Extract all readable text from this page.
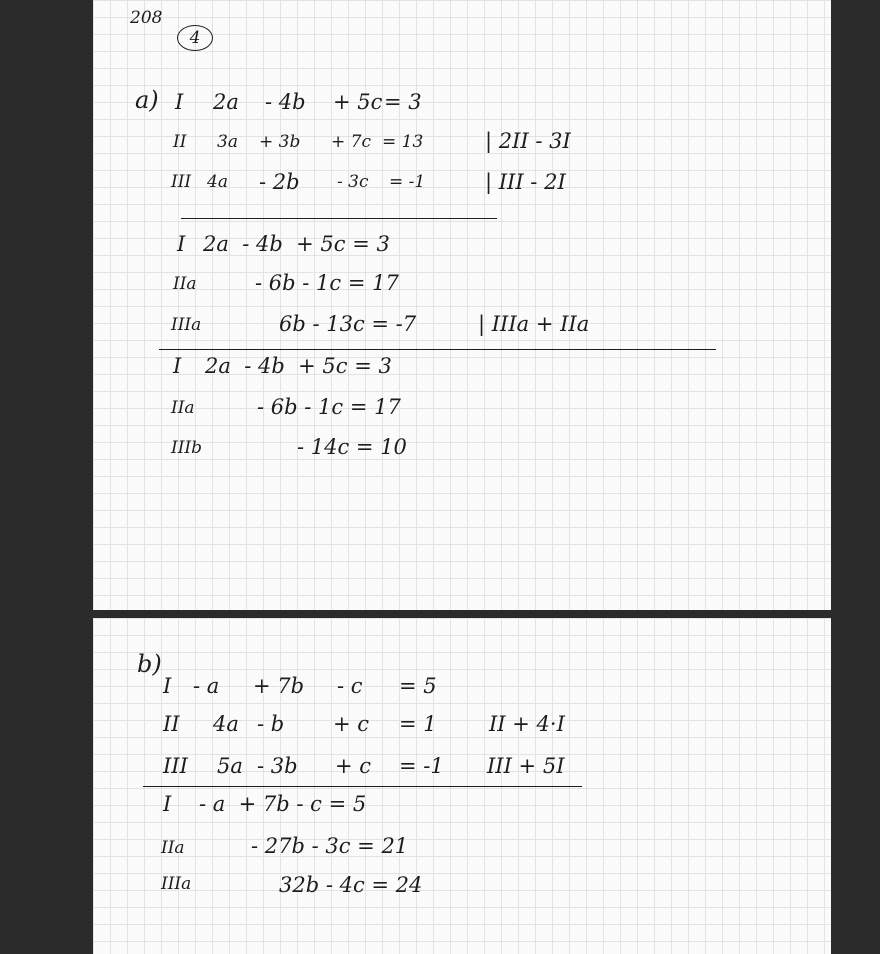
208
4
a) I 2a - 4b + 5c = 3
II 3a + 3b + 7c = 13	| 2II - 3I
III 4a - 2b - 3c = -1	| III - 2I
I 2a  - 4b  + 5c = 3
IIa	- 6b - 1c = 17
IIIa	6b - 13c = -7	| IIIa + IIa
I 2a  - 4b  + 5c = 3
IIa	- 6b - 1c = 17
IIIb	- 14c = 10
b)
I - a + 7b - c = 5
II 4a - b + c = 1 II + 4·I
III 5a - 3b + c = -1 III + 5I
I - a  + 7b - c = 5
IIa	- 27b - 3c = 21
IIIa	32b - 4c = 24
